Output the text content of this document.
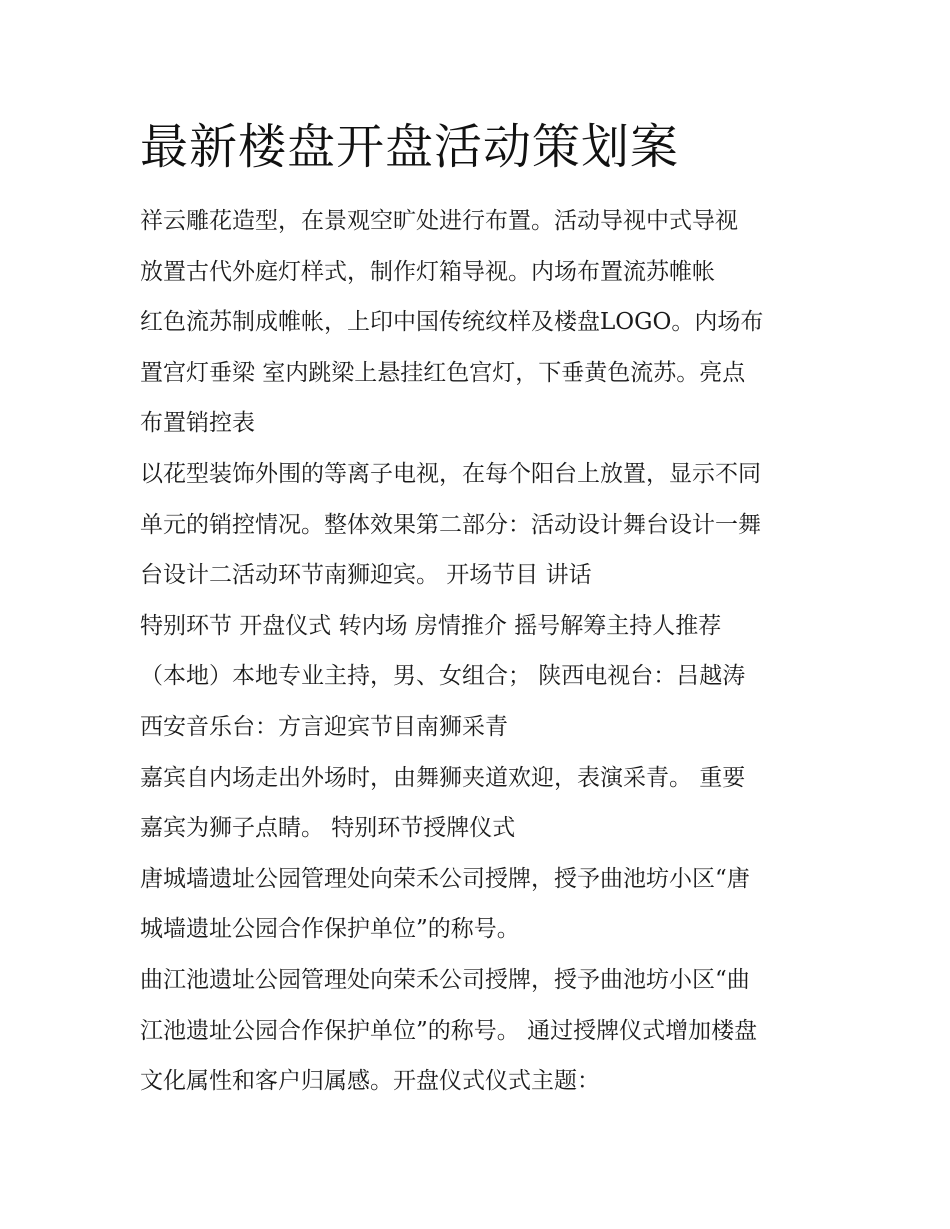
最新楼盘开盘活动策划案
祥云雕花造型，在景观空旷处进行布置。活动导视中式导视
放置古代外庭灯样式，制作灯箱导视。内场布置流苏帷帐
红色流苏制成帷帐，上印中国传统纹样及楼盘LOGO。内场布
置宫灯垂梁 室内跳梁上悬挂红色宫灯，下垂黄色流苏。亮点
布置销控表
以花型装饰外围的等离子电视，在每个阳台上放置，显示不同
单元的销控情况。整体效果第二部分：活动设计舞台设计一舞
台设计二活动环节南狮迎宾。 开场节目 讲话
特别环节 开盘仪式 转内场 房情推介 摇号解筹主持人推荐
（本地）本地专业主持，男、女组合； 陕西电视台：吕越涛
西安音乐台：方言迎宾节目南狮采青
嘉宾自内场走出外场时，由舞狮夹道欢迎，表演采青。 重要
嘉宾为狮子点睛。 特别环节授牌仪式
唐城墙遗址公园管理处向荣禾公司授牌，授予曲池坊小区“唐
城墙遗址公园合作保护单位”的称号。
曲江池遗址公园管理处向荣禾公司授牌，授予曲池坊小区“曲
江池遗址公园合作保护单位”的称号。 通过授牌仪式增加楼盘
文化属性和客户归属感。开盘仪式仪式主题：
